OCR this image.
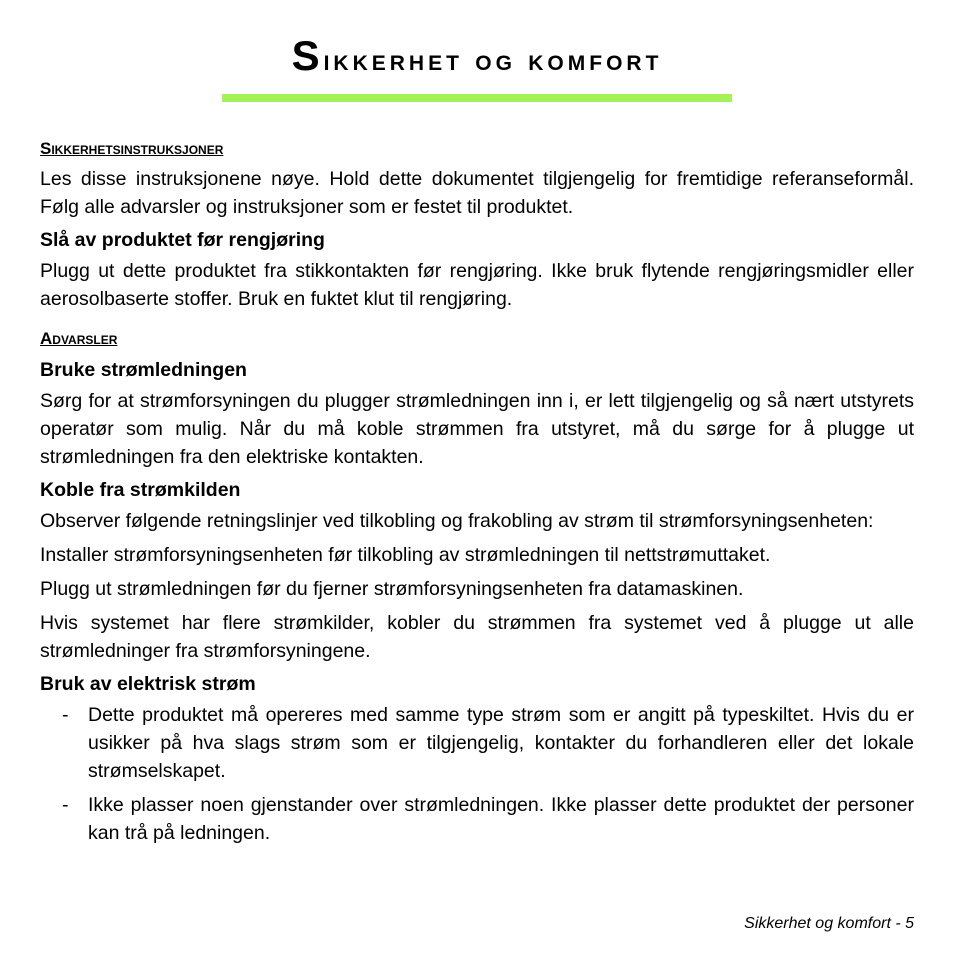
Sikkerhet og komfort
Sikkerhetsinstruksjoner

Les disse instruksjonene nøye. Hold dette dokumentet tilgjengelig for fremtidige referanseformål. Følg alle advarsler og instruksjoner som er festet til produktet.

Slå av produktet før rengjøring

Plugg ut dette produktet fra stikkontakten før rengjøring. Ikke bruk flytende rengjøringsmidler eller aerosolbaserte stoffer. Bruk en fuktet klut til rengjøring.

Advarsler
Bruke strømledningen

Sørg for at strømforsyningen du plugger strømledningen inn i, er lett tilgjengelig og så nært utstyrets operatør som mulig. Når du må koble strømmen fra utstyret, må du sørge for å plugge ut strømledningen fra den elektriske kontakten.

Koble fra strømkilden

Observer følgende retningslinjer ved tilkobling og frakobling av strøm til strømforsyningsenheten:

Installer strømforsyningsenheten før tilkobling av strømledningen til nettstrømuttaket.

Plugg ut strømledningen før du fjerner strømforsyningsenheten fra datamaskinen.

Hvis systemet har flere strømkilder, kobler du strømmen fra systemet ved å plugge ut alle strømledninger fra strømforsyningene.

Bruk av elektrisk strøm
- Dette produktet må opereres med samme type strøm som er angitt på typeskiltet. Hvis du er usikker på hva slags strøm som er tilgjengelig, kontakter du forhandleren eller det lokale strømselskapet.
- Ikke plasser noen gjenstander over strømledningen. Ikke plasser dette produktet der personer kan trå på ledningen.
Sikkerhet og komfort - 5
